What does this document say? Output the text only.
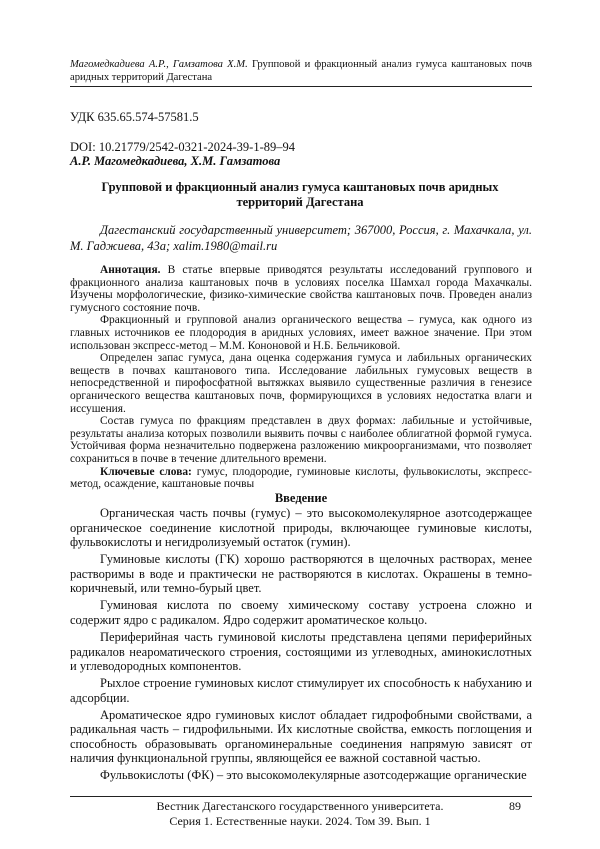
Магомедкадиева А.Р., Гамзатова Х.М. Групповой и фракционный анализ гумуса каштановых почв аридных территорий Дагестана
УДК 635.65.574-57581.5
DOI: 10.21779/2542-0321-2024-39-1-89–94
А.Р. Магомедкадиева, Х.М. Гамзатова
Групповой и фракционный анализ гумуса каштановых почв аридных
территорий Дагестана
Дагестанский государственный университет; 367000, Россия, г. Махачкала, ул. М. Гаджиева, 43а; xalim.1980@mail.ru

Аннотация. В статье впервые приводятся результаты исследований группового и фракционного анализа каштановых почв в условиях поселка Шамхал города Махачкалы. Изучены морфологические, физико-химические свойства каштановых почв. Проведен анализ гумусного состояние почв.

Фракционный и групповой анализ органического вещества – гумуса, как одного из главных источников ее плодородия в аридных условиях, имеет важное значение. При этом использован экспресс-метод – М.М. Кононовой и Н.Б. Бельчиковой.

Определен запас гумуса, дана оценка содержания гумуса и лабильных органических веществ в почвах каштанового типа. Исследование лабильных гумусовых веществ в непосредственной и пирофосфатной вытяжках выявило существенные различия в генезисе органического вещества каштановых почв, формирующихся в условиях недостатка влаги и иссушения.

Состав гумуса по фракциям представлен в двух формах: лабильные и устойчивые, результаты анализа которых позволили выявить почвы с наиболее облигатной формой гумуса. Устойчивая форма незначительно подвержена разложению микроорганизмами, что позволяет сохраниться в почве в течение длительного времени.

Ключевые слова: гумус, плодородие, гуминовые кислоты, фульвокислоты, экспресс-метод, осаждение, каштановые почвы

Введение

Органическая часть почвы (гумус) – это высокомолекулярное азотсодержащее органическое соединение кислотной природы, включающее гуминовые кислоты, фульвокислоты и негидролизуемый остаток (гумин).

Гуминовые кислоты (ГК) хорошо растворяются в щелочных растворах, менее растворимы в воде и практически не растворяются в кислотах. Окрашены в темно-коричневый, или темно-бурый цвет.

Гуминовая кислота по своему химическому составу устроена сложно и содержит ядро с радикалом. Ядро содержит ароматическое кольцо.

Периферийная часть гуминовой кислоты представлена цепями периферийных радикалов неароматического строения, состоящими из углеводных, аминокислотных и углеводородных компонентов.

Рыхлое строение гуминовых кислот стимулирует их способность к набуханию и адсорбции.

Ароматическое ядро гуминовых кислот обладает гидрофобными свойствами, а радикальная часть – гидрофильными. Их кислотные свойства, емкость поглощения и способность образовывать органоминеральные соединения напрямую зависят от наличия функциональной группы, являющейся ее важной составной частью.

Фульвокислоты (ФК) – это высокомолекулярные азотсодержащие органические

Вестник Дагестанского государственного университета.
Серия 1. Естественные науки. 2024. Том 39. Вып. 1
89
